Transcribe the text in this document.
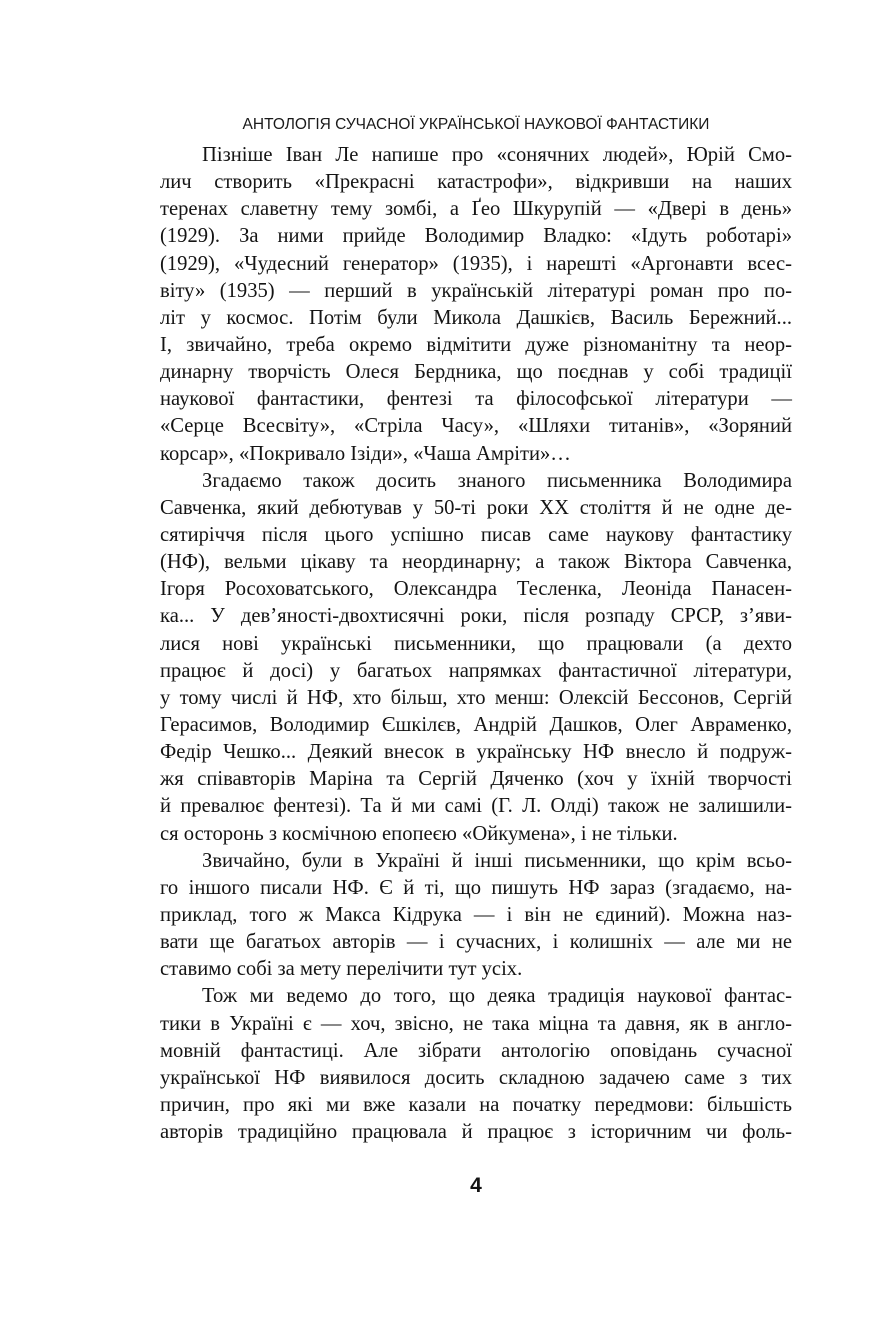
АНТОЛОГІЯ СУЧАСНОЇ УКРАЇНСЬКОЇ НАУКОВОЇ ФАНТАСТИКИ
Пізніше Іван Ле напише про «сонячних людей», Юрій Смо-
лич створить «Прекрасні катастрофи», відкривши на наших
теренах славетну тему зомбі, а Ґео Шкурупій — «Двері в день»
(1929). За ними прийде Володимир Владко: «Ідуть роботарі»
(1929), «Чудесний генератор» (1935), і нарешті «Аргонавти всес-
віту» (1935) — перший в українській літературі роман про по-
літ у космос. Потім були Микола Дашкієв, Василь Бережний...
І, звичайно, треба окремо відмітити дуже різноманітну та неор-
динарну творчість Олеся Бердника, що поєднав у собі традиції
наукової фантастики, фентезі та філософської літератури —
«Серце Всесвіту», «Стріла Часу», «Шляхи титанів», «Зоряний
корсар», «Покривало Ізіди», «Чаша Амріти»…
Згадаємо також досить знаного письменника Володимира
Савченка, який дебютував у 50-ті роки XX століття й не одне де-
сятиріччя після цього успішно писав саме наукову фантастику
(НФ), вельми цікаву та неординарну; а також Віктора Савченка,
Ігоря Росоховатського, Олександра Тесленка, Леоніда Панасен-
ка... У дев’яності-двохтисячні роки, після розпаду СРСР, з’яви-
лися нові українські письменники, що працювали (а дехто
працює й досі) у багатьох напрямках фантастичної літератури,
у тому числі й НФ, хто більш, хто менш: Олексій Бессонов, Сергій
Герасимов, Володимир Єшкілєв, Андрій Дашков, Олег Авраменко,
Федір Чешко... Деякий внесок в українську НФ внесло й подруж-
жя співавторів Маріна та Сергій Дяченко (хоч у їхній творчості
й превалює фентезі). Та й ми самі (Г. Л. Олді) також не залишили-
ся осторонь з космічною епопеєю «Ойкумена», і не тільки.
Звичайно, були в Україні й інші письменники, що крім всьо-
го іншого писали НФ. Є й ті, що пишуть НФ зараз (згадаємо, на-
приклад, того ж Макса Кідрука — і він не єдиний). Можна наз-
вати ще багатьох авторів — і сучасних, і колишніх — але ми не
ставимо собі за мету перелічити тут усіх.
Тож ми ведемо до того, що деяка традиція наукової фантас-
тики в Україні є — хоч, звісно, не така міцна та давня, як в англо-
мовній фантастиці. Але зібрати антологію оповідань сучасної
української НФ виявилося досить складною задачею саме з тих
причин, про які ми вже казали на початку передмови: більшість
авторів традиційно працювала й працює з історичним чи фоль-
4
